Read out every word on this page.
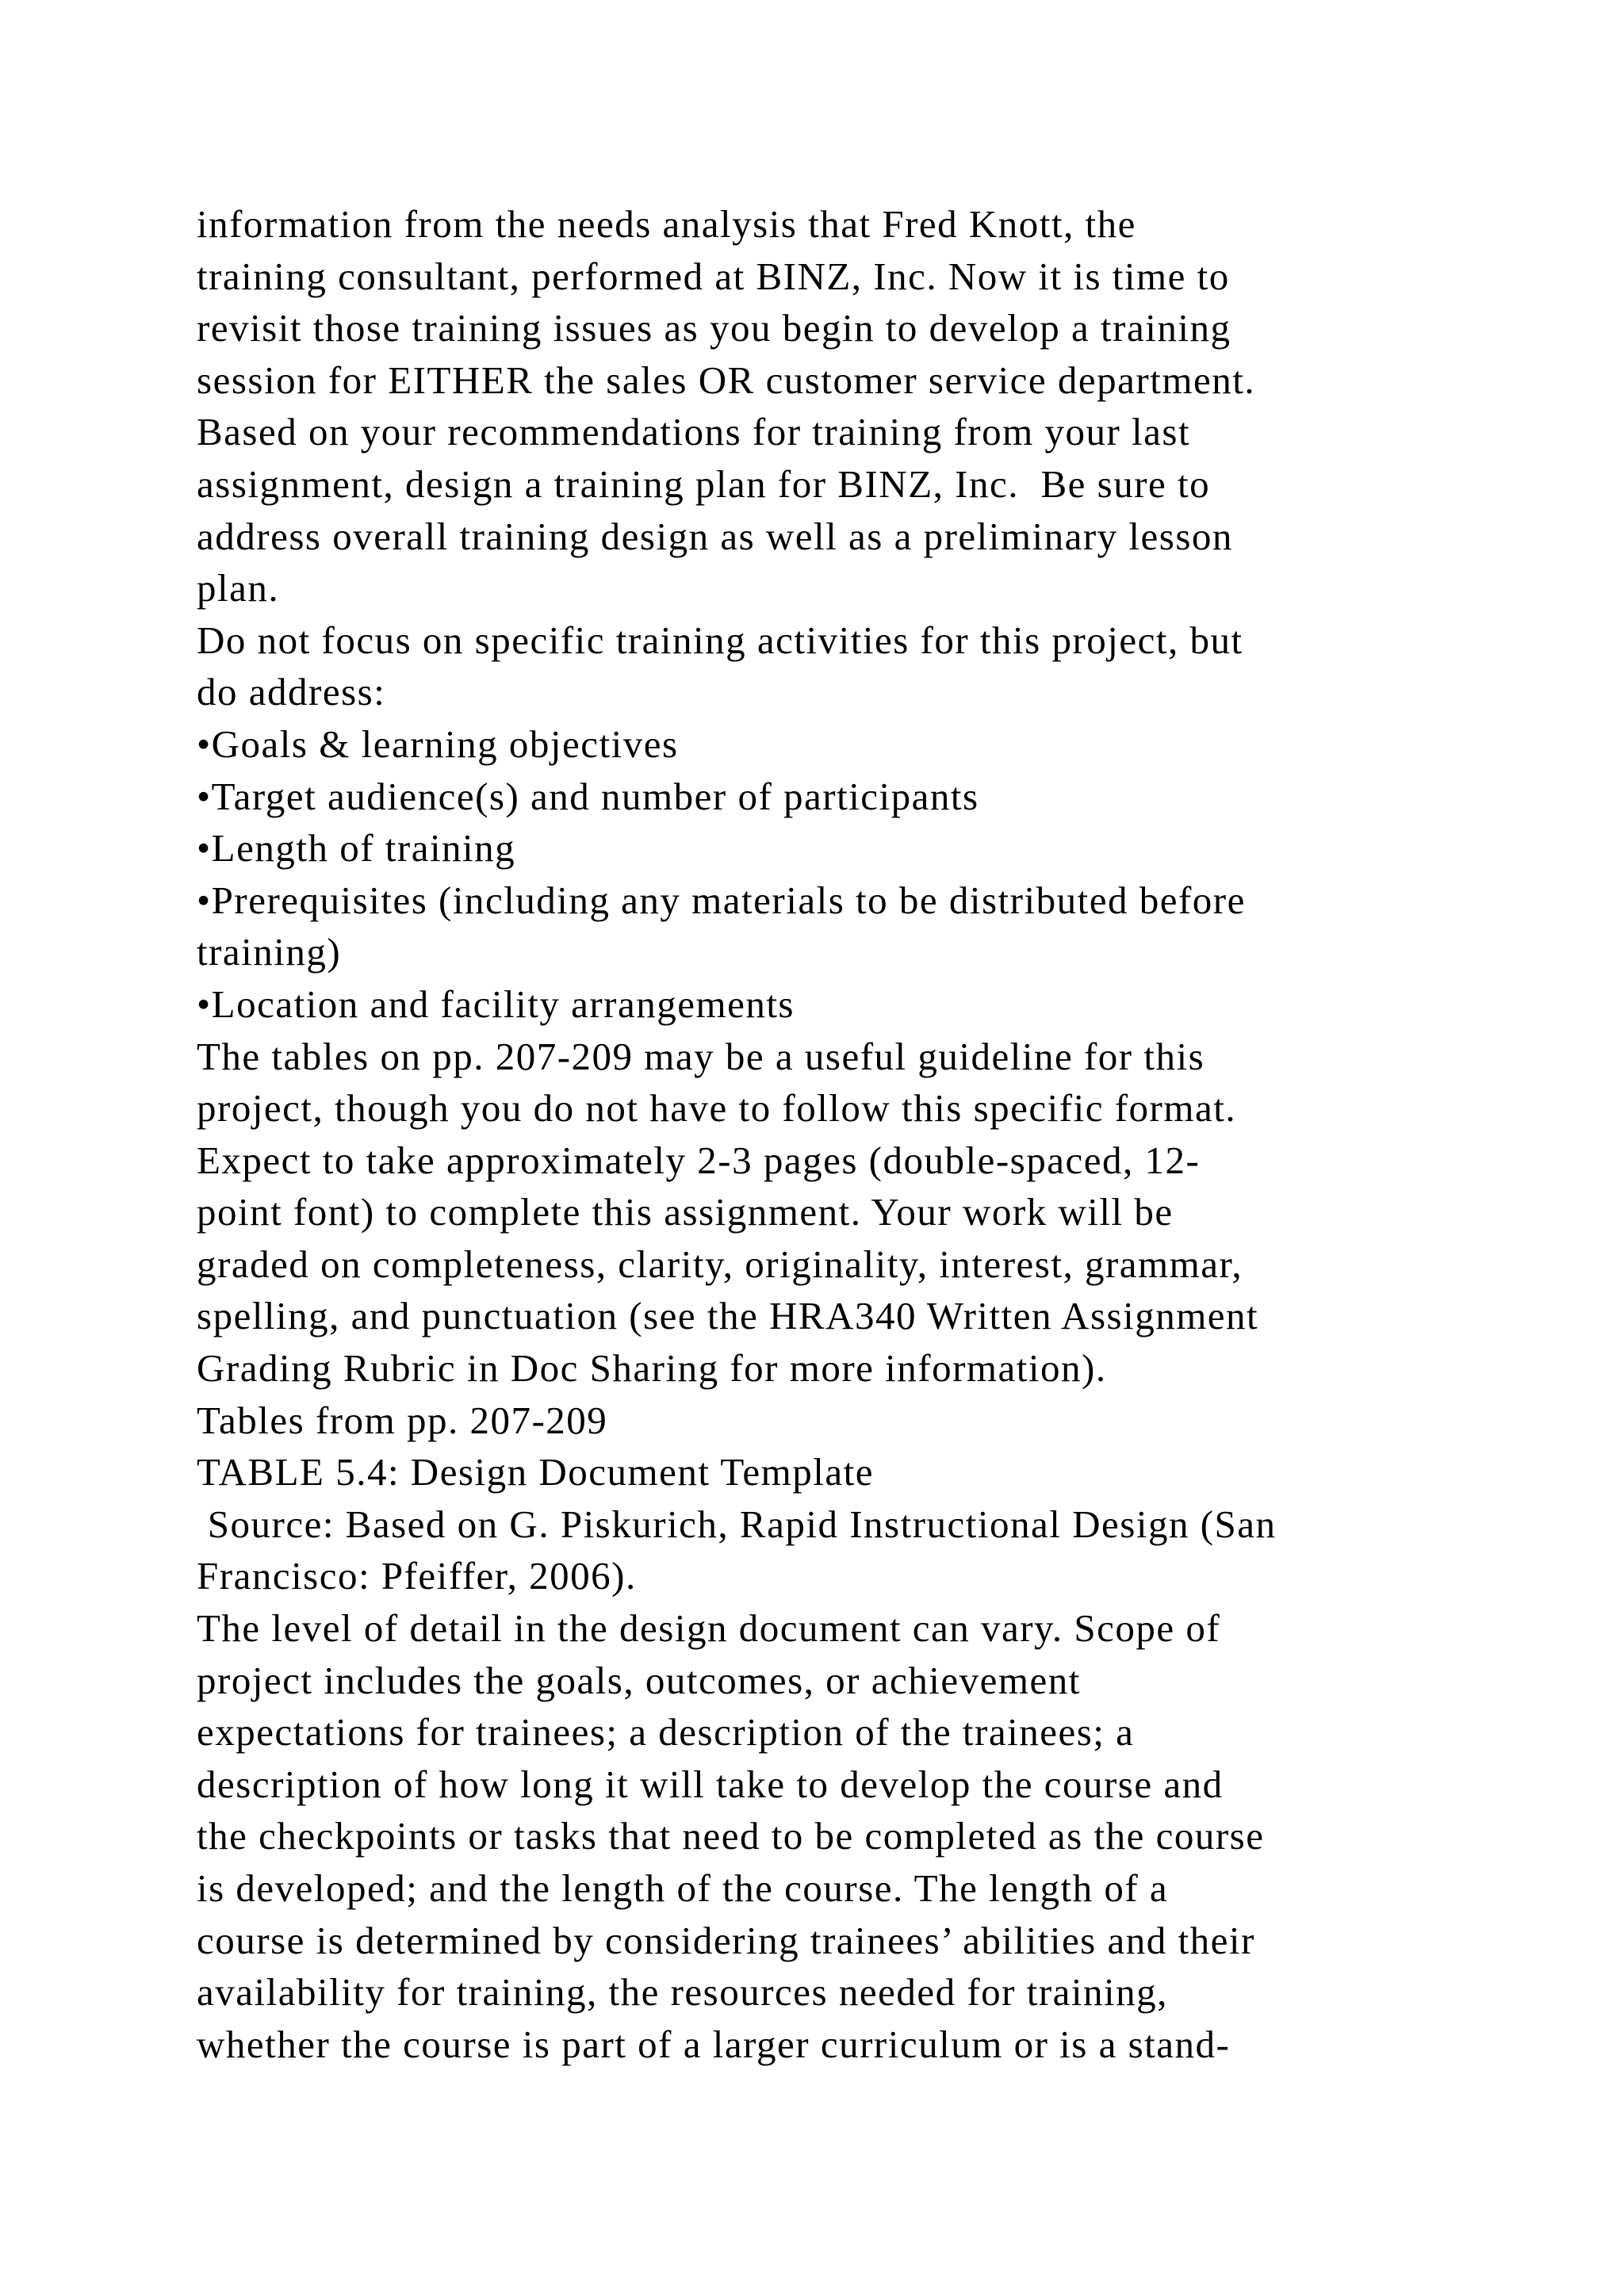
information from the needs analysis that Fred Knott, the
training consultant, performed at BINZ, Inc. Now it is time to
revisit those training issues as you begin to develop a training
session for EITHER the sales OR customer service department.
Based on your recommendations for training from your last
assignment, design a training plan for BINZ, Inc.  Be sure to
address overall training design as well as a preliminary lesson
plan.
Do not focus on specific training activities for this project, but
do address:
•Goals & learning objectives
•Target audience(s) and number of participants
•Length of training
•Prerequisites (including any materials to be distributed before
training)
•Location and facility arrangements
The tables on pp. 207-209 may be a useful guideline for this
project, though you do not have to follow this specific format.
Expect to take approximately 2-3 pages (double-spaced, 12-
point font) to complete this assignment. Your work will be
graded on completeness, clarity, originality, interest, grammar,
spelling, and punctuation (see the HRA340 Written Assignment
Grading Rubric in Doc Sharing for more information).
Tables from pp. 207-209
TABLE 5.4: Design Document Template
Source: Based on G. Piskurich, Rapid Instructional Design (San
Francisco: Pfeiffer, 2006).
The level of detail in the design document can vary. Scope of
project includes the goals, outcomes, or achievement
expectations for trainees; a description of the trainees; a
description of how long it will take to develop the course and
the checkpoints or tasks that need to be completed as the course
is developed; and the length of the course. The length of a
course is determined by considering trainees’ abilities and their
availability for training, the resources needed for training,
whether the course is part of a larger curriculum or is a stand-
